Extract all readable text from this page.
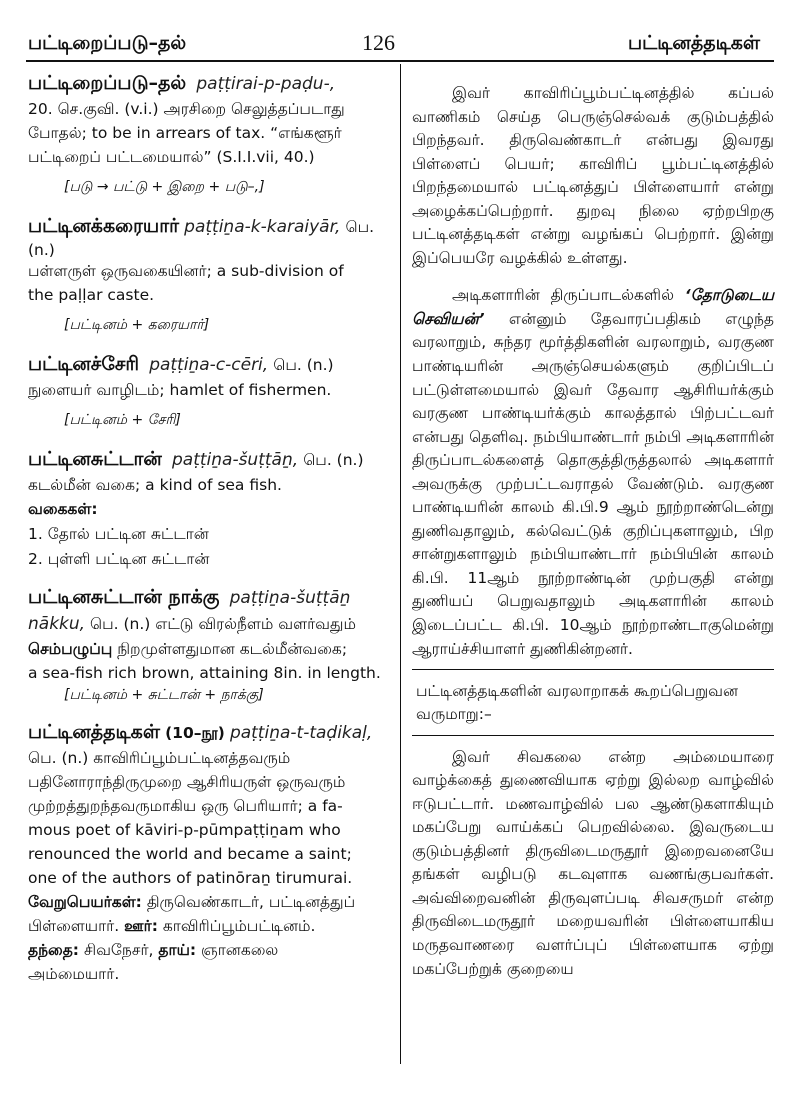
பட்டிறைப்படு–தல்	126	பட்டினத்தடிகள்
பட்டிறைப்படு–தல் paṭṭirai-p-paḍu-,
20. செ.குவி. (v.i.) அரசிறை செலுத்தப்படாது
போதல்; to be in arrears of tax. “எங்களூர்
பட்டிறைப் பட்டமையால்” (S.I.I.vii, 40.)
[படு → பட்டு + இறை + படு–,]
பட்டினக்கரையார் paṭṭiṉa-k-karaiyār, பெ. (n.)
பள்ளருள் ஒருவகையினர்; a sub-division of
the paḷḷar caste.
[பட்டினம் + கரையார்]
பட்டினச்சேரி paṭṭiṉa-c-cēri, பெ. (n.)
நுளையர் வாழிடம்; hamlet of fishermen.
[பட்டினம் + சேரி]
பட்டினசுட்டான் paṭṭiṉa-šuṭṭāṉ, பெ. (n.)
கடல்மீன் வகை; a kind of sea fish.
வகைகள்:
1. தோல் பட்டின சுட்டான்
2. புள்ளி பட்டின சுட்டான்
பட்டினசுட்டான் நாக்கு paṭṭiṉa-šuṭṭāṉ
nākku, பெ. (n.) எட்டு விரல்நீளம் வளர்வதும்
செம்பழுப்பு நிறமுள்ளதுமான கடல்மீன்வகை;
a sea-fish rich brown, attaining 8in. in length.
[பட்டினம் + சுட்டான் + நாக்கு]
பட்டினத்தடிகள் (10–நூ) paṭṭiṉa-t-taḍikaḷ,
பெ. (n.) காவிரிப்பூம்பட்டினத்தவரும்
பதினோராந்திருமுறை ஆசிரியருள் ஒருவரும்
முற்றத்துறந்தவருமாகிய ஒரு பெரியார்; a fa-
mous poet of kāviri-p-pūmpaṭṭiṉam who
renounced the world and became a saint;
one of the authors of patinōraṉ tirumurai.
வேறுபெயர்கள்: திருவெண்காடர், பட்டினத்துப்
பிள்ளையார். ஊர்: காவிரிப்பூம்பட்டினம்.
தந்தை: சிவநேசர், தாய்: ஞானகலை
அம்மையார்.

இவர் காவிரிப்பூம்பட்டினத்தில் கப்பல் வாணிகம் செய்த பெருஞ்செல்வக் குடும்பத்தில் பிறந்தவர். திருவெண்காடர் என்பது இவரது பிள்ளைப் பெயர்; காவிரிப் பூம்பட்டினத்தில் பிறந்தமையால் பட்டினத்துப் பிள்ளையார் என்று அழைக்கப்பெற்றார். துறவு நிலை ஏற்றபிறகு பட்டினத்தடிகள் என்று வழங்கப் பெற்றார். இன்று இப்பெயரே வழக்கில் உள்ளது.

அடிகளாரின் திருப்பாடல்களில் ‘தோடுடைய செவியன்’ என்னும் தேவாரப்பதிகம் எழுந்த வரலாறும், சுந்தர மூர்த்திகளின் வரலாறும், வரகுண பாண்டியரின் அருஞ்செயல்களும் குறிப்பிடப் பட்டுள்ளமையால் இவர் தேவார ஆசிரியர்க்கும் வரகுண பாண்டியர்க்கும் காலத்தால் பிற்பட்டவர் என்பது தெளிவு. நம்பியாண்டார் நம்பி அடிகளாரின் திருப்பாடல்களைத் தொகுத்திருத்தலால் அடிகளார் அவருக்கு முற்பட்டவராதல் வேண்டும். வரகுண பாண்டியரின் காலம் கி.பி.9 ஆம் நூற்றாண்டென்று துணிவதாலும், கல்வெட்டுக் குறிப்புகளாலும், பிற சான்றுகளாலும் நம்பியாண்டார் நம்பியின் காலம் கி.பி. 11ஆம் நூற்றாண்டின் முற்பகுதி என்று துணியப் பெறுவதாலும் அடிகளாரின் காலம் இடைப்பட்ட கி.பி. 10ஆம் நூற்றாண்டாகுமென்று ஆராய்ச்சியாளர் துணிகின்றனர்.

பட்டினத்தடிகளின் வரலாறாகக் கூறப்பெறுவன வருமாறு:–

இவர் சிவகலை என்ற அம்மையாரை வாழ்க்கைத் துணைவியாக ஏற்று இல்லற வாழ்வில் ஈடுபட்டார். மணவாழ்வில் பல ஆண்டுகளாகியும் மகப்பேறு வாய்க்கப் பெறவில்லை. இவருடைய குடும்பத்தினர் திருவிடைமருதூர் இறைவனையே தங்கள் வழிபடு கடவுளாக வணங்குபவர்கள். அவ்விறைவனின் திருவுளப்படி சிவசருமர் என்ற திருவிடைமருதூர் மறையவரின் பிள்ளையாகிய மருதவாணரை வளர்ப்புப் பிள்ளையாக ஏற்று மகப்பேற்றுக் குறையை
